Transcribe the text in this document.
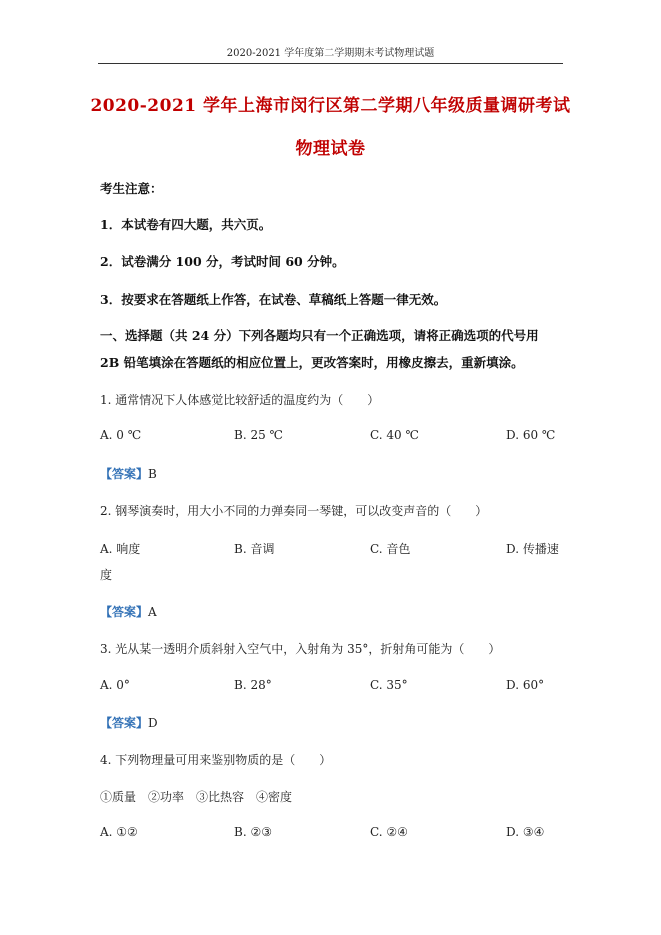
2020-2021 学年度第二学期期末考试物理试题
2020-2021 学年上海市闵行区第二学期八年级质量调研考试
物理试卷
考生注意：
1．本试卷有四大题，共六页。
2．试卷满分 100 分，考试时间 60 分钟。
3．按要求在答题纸上作答，在试卷、草稿纸上答题一律无效。
一、选择题（共 24 分）下列各题均只有一个正确选项，请将正确选项的代号用
2B 铅笔填涂在答题纸的相应位置上，更改答案时，用橡皮擦去，重新填涂。
1. 通常情况下人体感觉比较舒适的温度约为（　　）
A. 0 ℃	B. 25 ℃	C. 40 ℃	D. 60 ℃
【答案】B
2. 钢琴演奏时，用大小不同的力弹奏同一琴键，可以改变声音的（　　）
A. 响度	B. 音调	C. 音色	D. 传播速
度
【答案】A
3. 光从某一透明介质斜射入空气中，入射角为 35°，折射角可能为（　　）
A. 0°	B. 28°	C. 35°	D. 60°
【答案】D
4. 下列物理量可用来鉴别物质的是（　　）
①质量　②功率　③比热容　④密度
A. ①②	B. ②③	C. ②④	D. ③④
